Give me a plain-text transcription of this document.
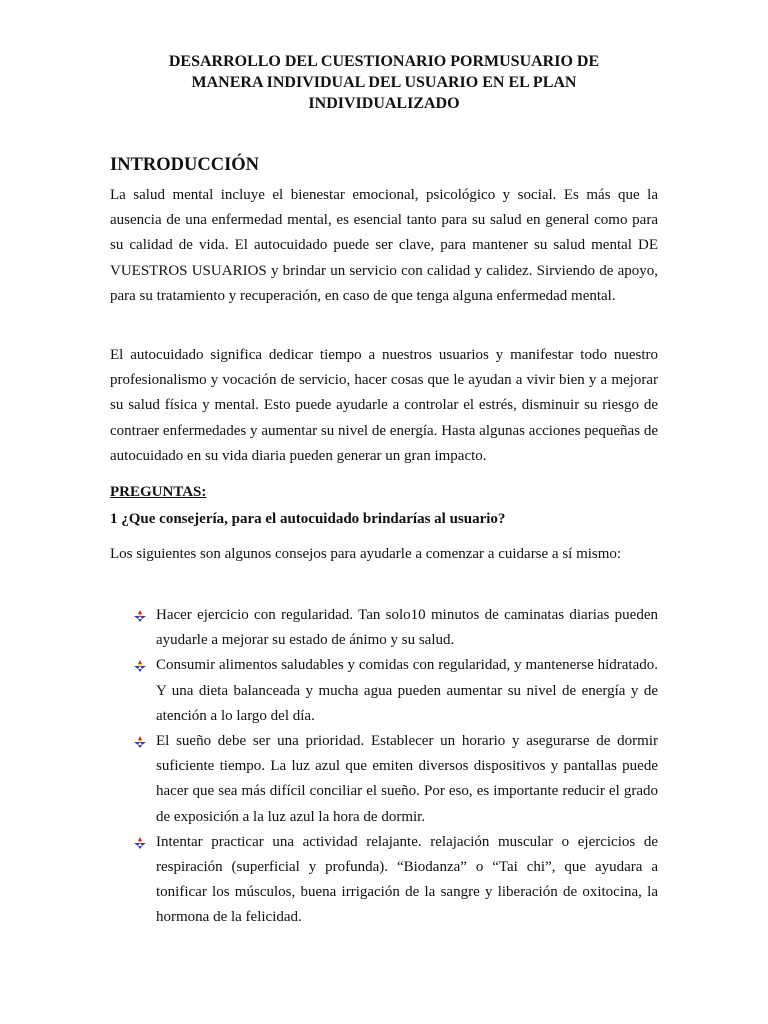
DESARROLLO DEL CUESTIONARIO PORMUSUARIO DE
MANERA INDIVIDUAL DEL USUARIO EN EL PLAN
INDIVIDUALIZADO
INTRODUCCIÓN

La salud mental incluye el bienestar emocional, psicológico y social. Es más que la ausencia de una enfermedad mental, es esencial tanto para su salud en general como para su calidad de vida. El autocuidado puede ser clave, para mantener su salud mental DE VUESTROS USUARIOS y brindar un servicio con calidad y calidez. Sirviendo de apoyo, para su tratamiento y recuperación, en caso de que tenga alguna enfermedad mental.

El autocuidado significa dedicar tiempo a nuestros usuarios y manifestar todo nuestro profesionalismo y vocación de servicio, hacer cosas que le ayudan a vivir bien y a mejorar su salud física y mental. Esto puede ayudarle a controlar el estrés, disminuir su riesgo de contraer enfermedades y aumentar su nivel de energía. Hasta algunas acciones pequeñas de autocuidado en su vida diaria pueden generar un gran impacto.

PREGUNTAS:

1 ¿Que consejería, para el autocuidado brindarías al usuario?

Los siguientes son algunos consejos para ayudarle a comenzar a cuidarse a sí mismo:

Hacer ejercicio con regularidad. Tan solo10 minutos de caminatas diarias pueden ayudarle a mejorar su estado de ánimo y su salud.
Consumir alimentos saludables y comidas con regularidad, y mantenerse hidratado. Y una dieta balanceada y mucha agua pueden aumentar su nivel de energía y de atención a lo largo del día.
El sueño debe ser una prioridad. Establecer un horario y asegurarse de dormir suficiente tiempo. La luz azul que emiten diversos dispositivos y pantallas puede hacer que sea más difícil conciliar el sueño. Por eso, es importante reducir el grado de exposición a la luz azul la hora de dormir.
Intentar practicar una actividad relajante. relajación muscular o ejercicios de respiración (superficial y profunda). “Biodanza” o “Tai chi”, que ayudara a tonificar los músculos, buena irrigación de la sangre y liberación de oxitocina, la hormona de la felicidad.
